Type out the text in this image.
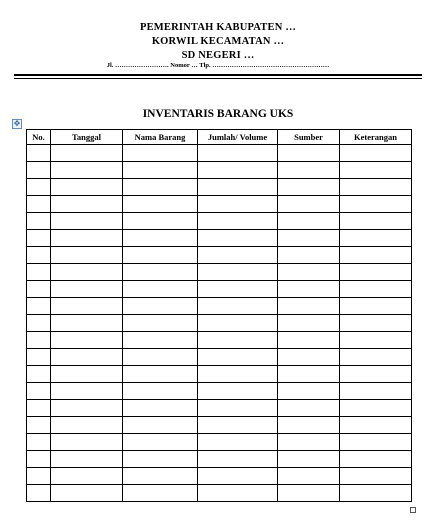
PEMERINTAH KABUPATEN …
KORWIL KECAMATAN …
SD NEGERI …
Jl. ……………………. Nomor … Tlp. ………………………………………………
INVENTARIS BARANG UKS
✥
No.	Tanggal	Nama Barang	Jumlah/ Volume	Sumber	Keterangan
